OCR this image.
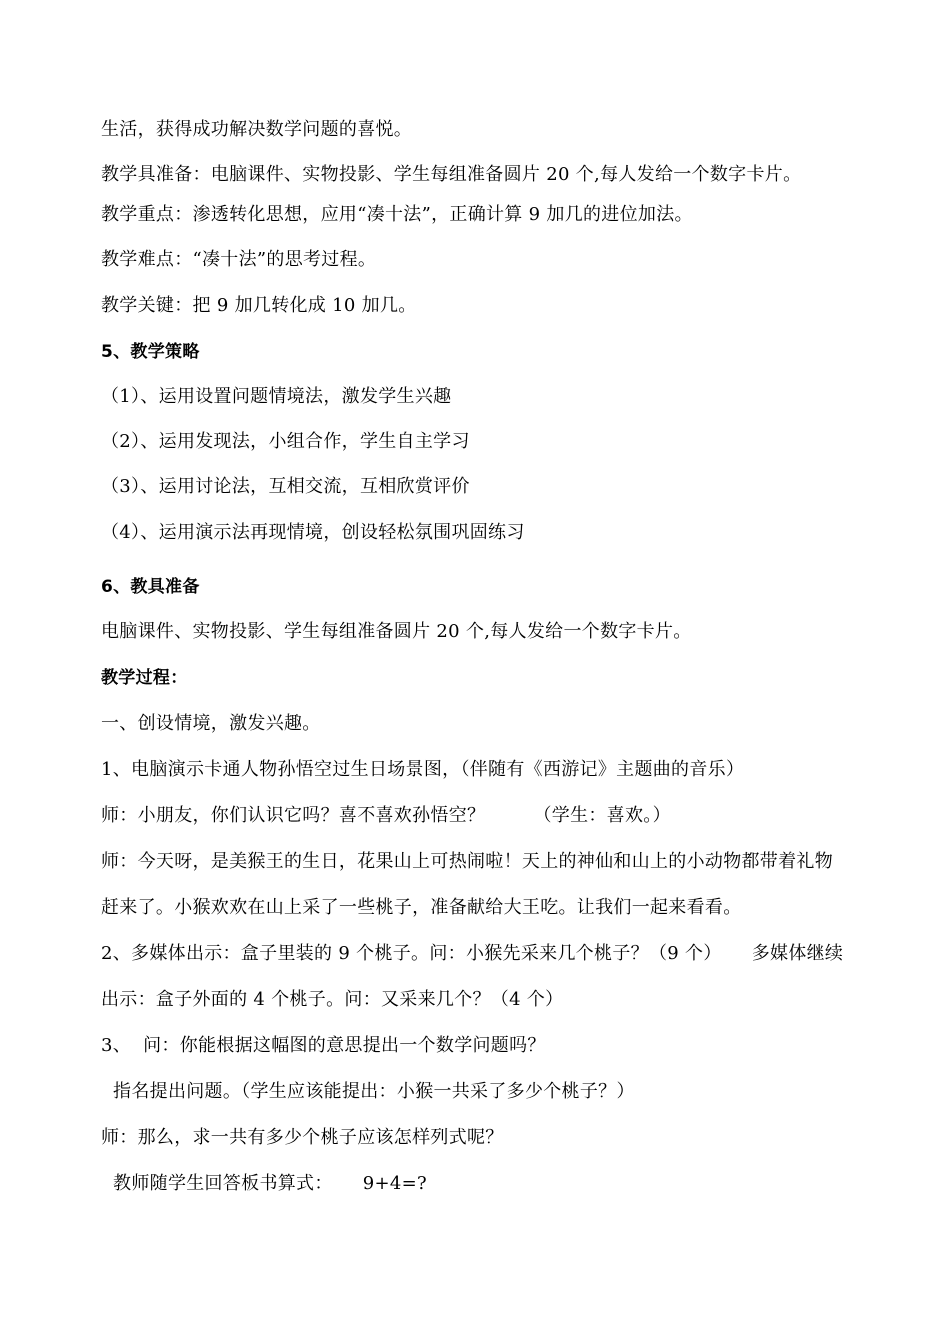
生活，获得成功解决数学问题的喜悦。
教学具准备：电脑课件、实物投影、学生每组准备圆片 20 个,每人发给一个数字卡片。
教学重点：渗透转化思想，应用“凑十法”，正确计算 9 加几的进位加法。
教学难点：“凑十法”的思考过程。
教学关键：把 9 加几转化成 10 加几。
5、教学策略
（1）、运用设置问题情境法，激发学生兴趣
（2）、运用发现法，小组合作，学生自主学习
（3）、运用讨论法，互相交流，互相欣赏评价
（4）、运用演示法再现情境，创设轻松氛围巩固练习
6、教具准备
电脑课件、实物投影、学生每组准备圆片 20 个,每人发给一个数字卡片。
教学过程：
一、创设情境，激发兴趣。
1、电脑演示卡通人物孙悟空过生日场景图，（伴随有《西游记》主题曲的音乐）
师：小朋友，你们认识它吗？喜不喜欢孙悟空？        （学生：喜欢。）
师：今天呀，是美猴王的生日，花果山上可热闹啦！天上的神仙和山上的小动物都带着礼物
赶来了。小猴欢欢在山上采了一些桃子，准备献给大王吃。让我们一起来看看。
2、多媒体出示：盒子里装的 9 个桃子。问：小猴先采来几个桃子？（9 个）     多媒体继续
出示：盒子外面的 4 个桃子。问：又采来几个？（4 个）
3、  问：你能根据这幅图的意思提出一个数学问题吗？
指名提出问题。（学生应该能提出：小猴一共采了多少个桃子？）
师：那么，求一共有多少个桃子应该怎样列式呢？
教师随学生回答板书算式：     9+4=?
